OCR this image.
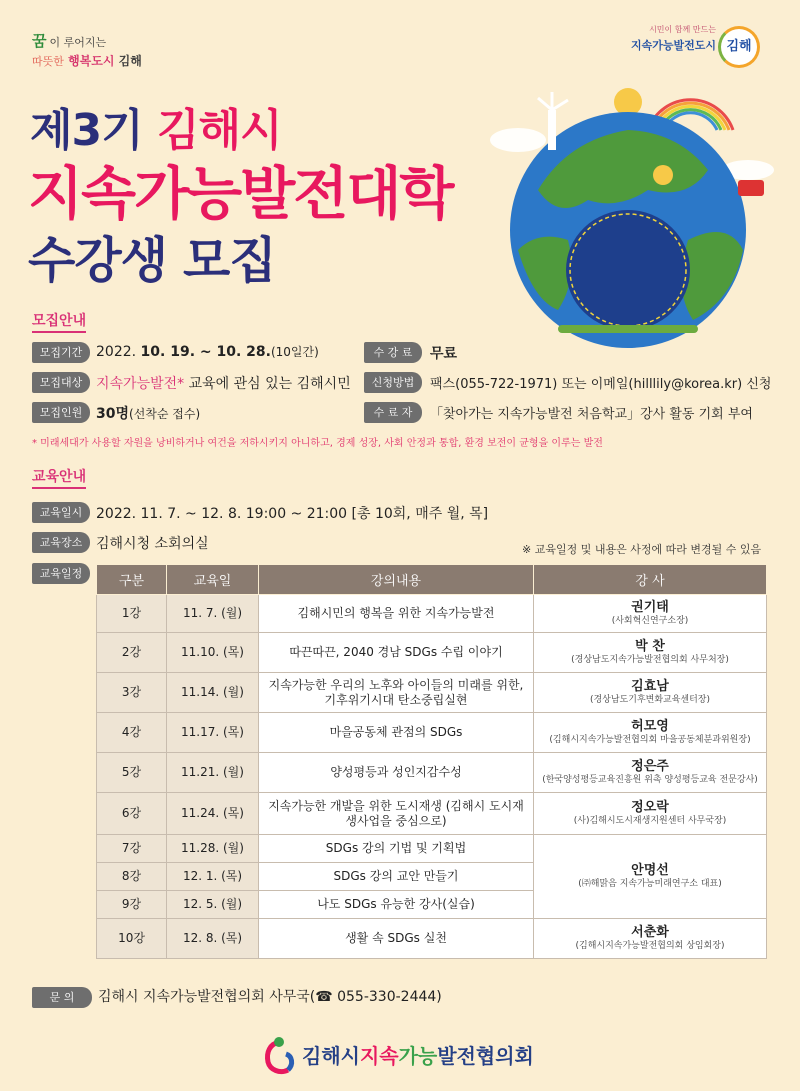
꿈 이 루어지는
따뜻한 행복도시 김해
시민이 함께 만드는
지속가능발전도시 김해
제3기 김해시
지속가능발전대학
수강생 모집
모집안내
모집기간 2022. 10. 19. ~ 10. 28.(10일간)
모집대상 지속가능발전* 교육에 관심 있는 김해시민
모집인원 30명(선착순 접수)
수 강 료	무료
신청방법	팩스(055-722-1971) 또는 이메일(hilllily@korea.kr) 신청
수 료 자	「찾아가는 지속가능발전 처음학교」강사 활동 기회 부여
* 미래세대가 사용할 자원을 낭비하거나 여건을 저하시키지 아니하고, 경제 성장, 사회 안정과 통합, 환경 보전이 균형을 이루는 발전
교육안내
교육일시 2022. 11. 7. ~ 12. 8. 19:00 ~ 21:00 [총 10회, 매주 월, 목]
교육장소 김해시청 소회의실	※ 교육일정 및 내용은 사정에 따라 변경될 수 있음
교육일정
구분	교육일	강의내용	강 사
1강	11. 7. (월)	김해시민의 행복을 위한 지속가능발전	권기태
(사회혁신연구소장)

2강	11.10. (목)	따끈따끈, 2040 경남 SDGs 수립 이야기	박 찬
(경상남도지속가능발전협의회 사무처장)

3강	11.14. (월)	지속가능한 우리의 노후와 아이들의 미래를 위한, 기후위기시대 탄소중립실현	김효남
(경상남도기후변화교육센터장)

4강	11.17. (목)	마을공동체 관점의 SDGs	허모영
(김해시지속가능발전협의회 마을공동체분과위원장)

5강	11.21. (월)	양성평등과 성인지감수성	정은주
(한국양성평등교육진흥원 위촉 양성평등교육 전문강사)

6강	11.24. (목)	지속가능한 개발을 위한 도시재생 (김해시 도시재생사업을 중심으로)	정오락
(사)김해시도시재생지원센터 사무국장)

7강	11.28. (월)	SDGs 강의 기법 및 기획법	안명선
(㈜해맑음 지속가능미래연구소 대표)

8강	12. 1. (목)	SDGs 강의 교안 만들기	
9강	12. 5. (월)	나도 SDGs 유능한 강사(실습)	
10강	12. 8. (목)	생활 속 SDGs 실천	서춘화
(김해시지속가능발전협의회 상임회장)
문 의	김해시 지속가능발전협의회 사무국(☎ 055-330-2444)
김해시지속가능발전협의회
